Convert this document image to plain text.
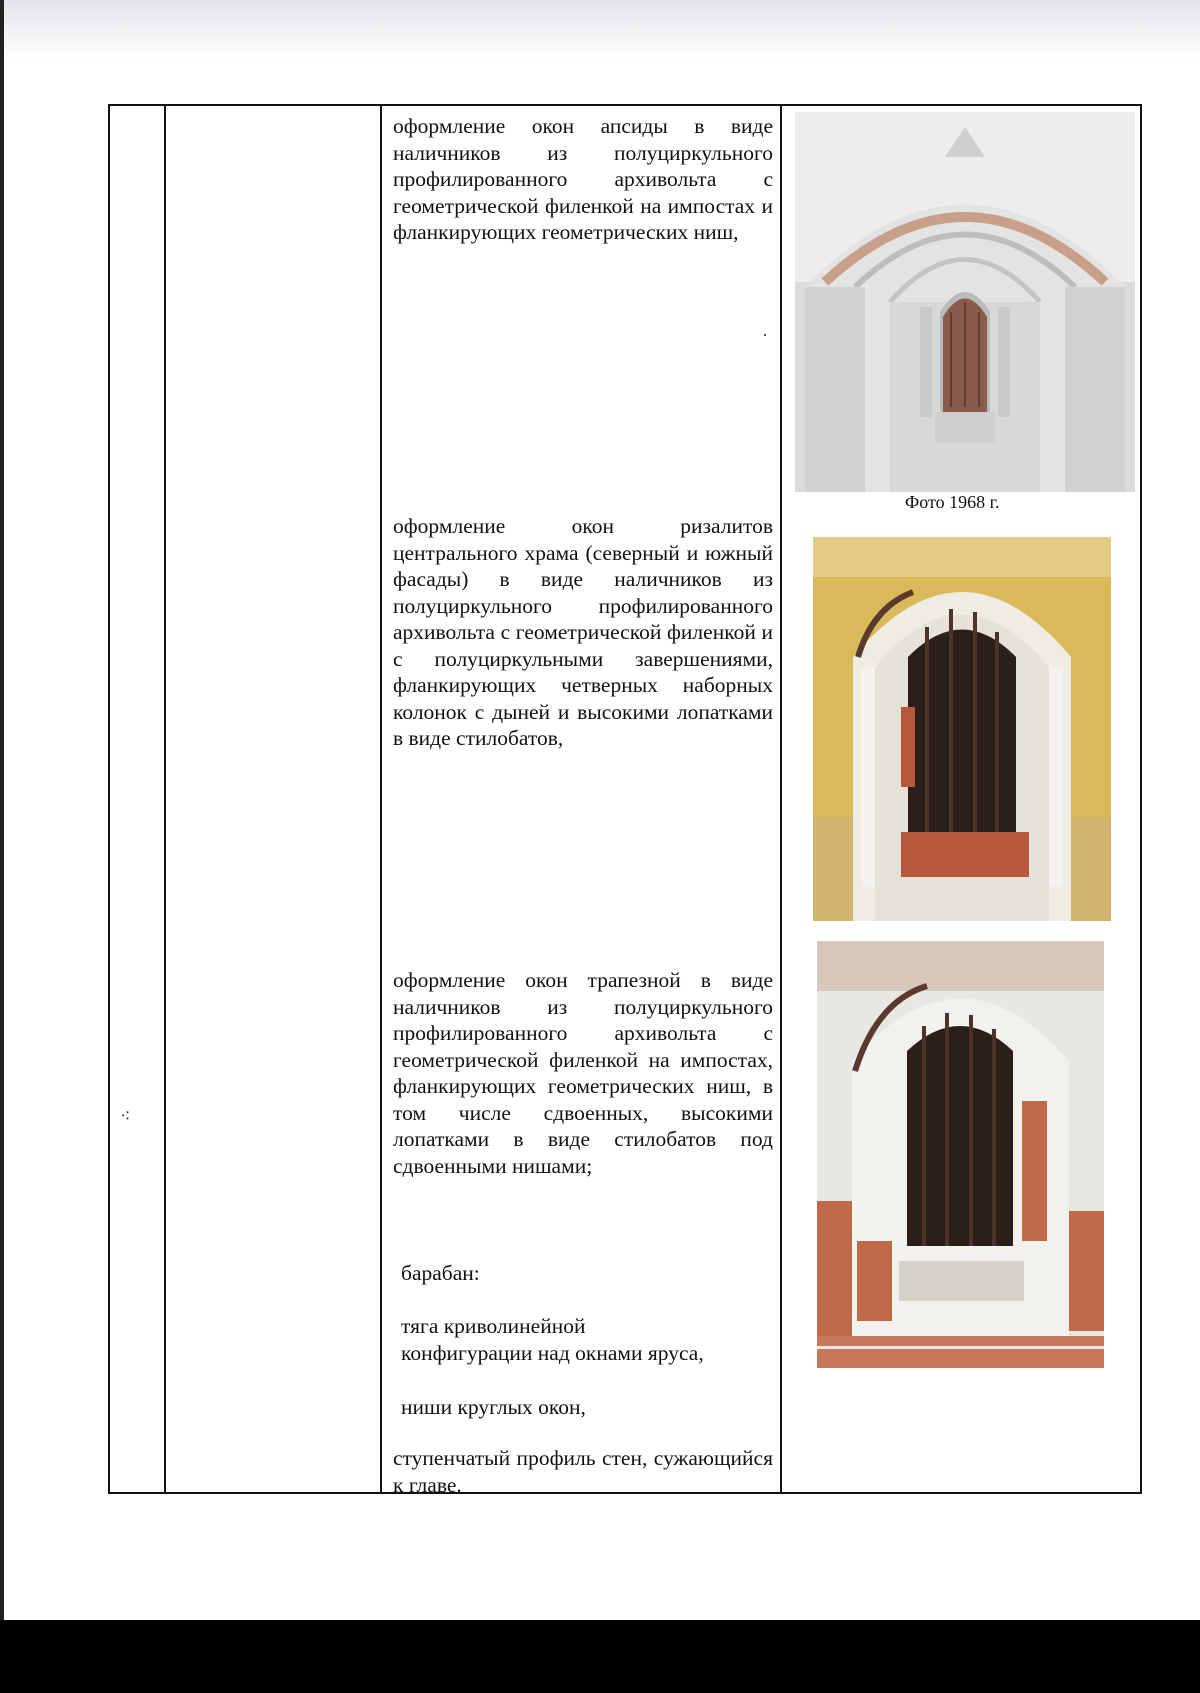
оформление окон апсиды в виде наличников из полуциркульного профилированного архивольта с геометрической филенкой на импостах и фланкирующих геометрических ниш,
оформление окон ризалитов центрального храма (северный и южный фасады) в виде наличников из полуциркульного профилированного архивольта с геометрической филенкой и с полуциркульными завершениями, фланкирующих четверных наборных колонок с дыней и высокими лопатками в виде стилобатов,
оформление окон трапезной в виде наличников из полуциркульного профилированного архивольта с геометрической филенкой на импостах, фланкирующих геометрических ниш, в том числе сдвоенных, высокими лопатками в виде стилобатов под сдвоенными нишами;
барабан:
тяга криволинейной
конфигурации над окнами яруса,
ниши круглых окон,
ступенчатый профиль стен, сужающийся к главе.
·
⁖
Фото 1968 г.
